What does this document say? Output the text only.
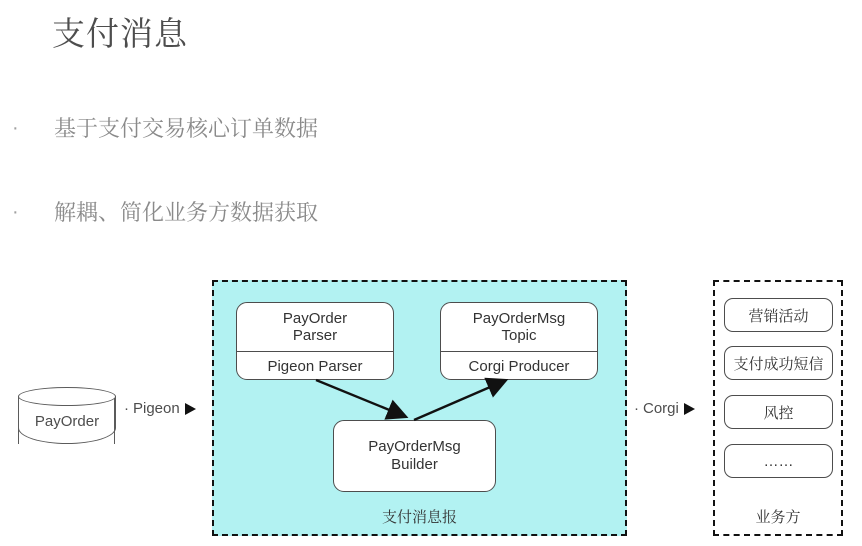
支付消息
·	基于支付交易核心订单数据
·	解耦、简化业务方数据获取
PayOrder
· Pigeon	· Corgi
支付消息报
PayOrder
Parser
Pigeon Parser
PayOrderMsg
Topic
Corgi Producer
PayOrderMsg
Builder
业务方
营销活动
支付成功短信
风控
……
